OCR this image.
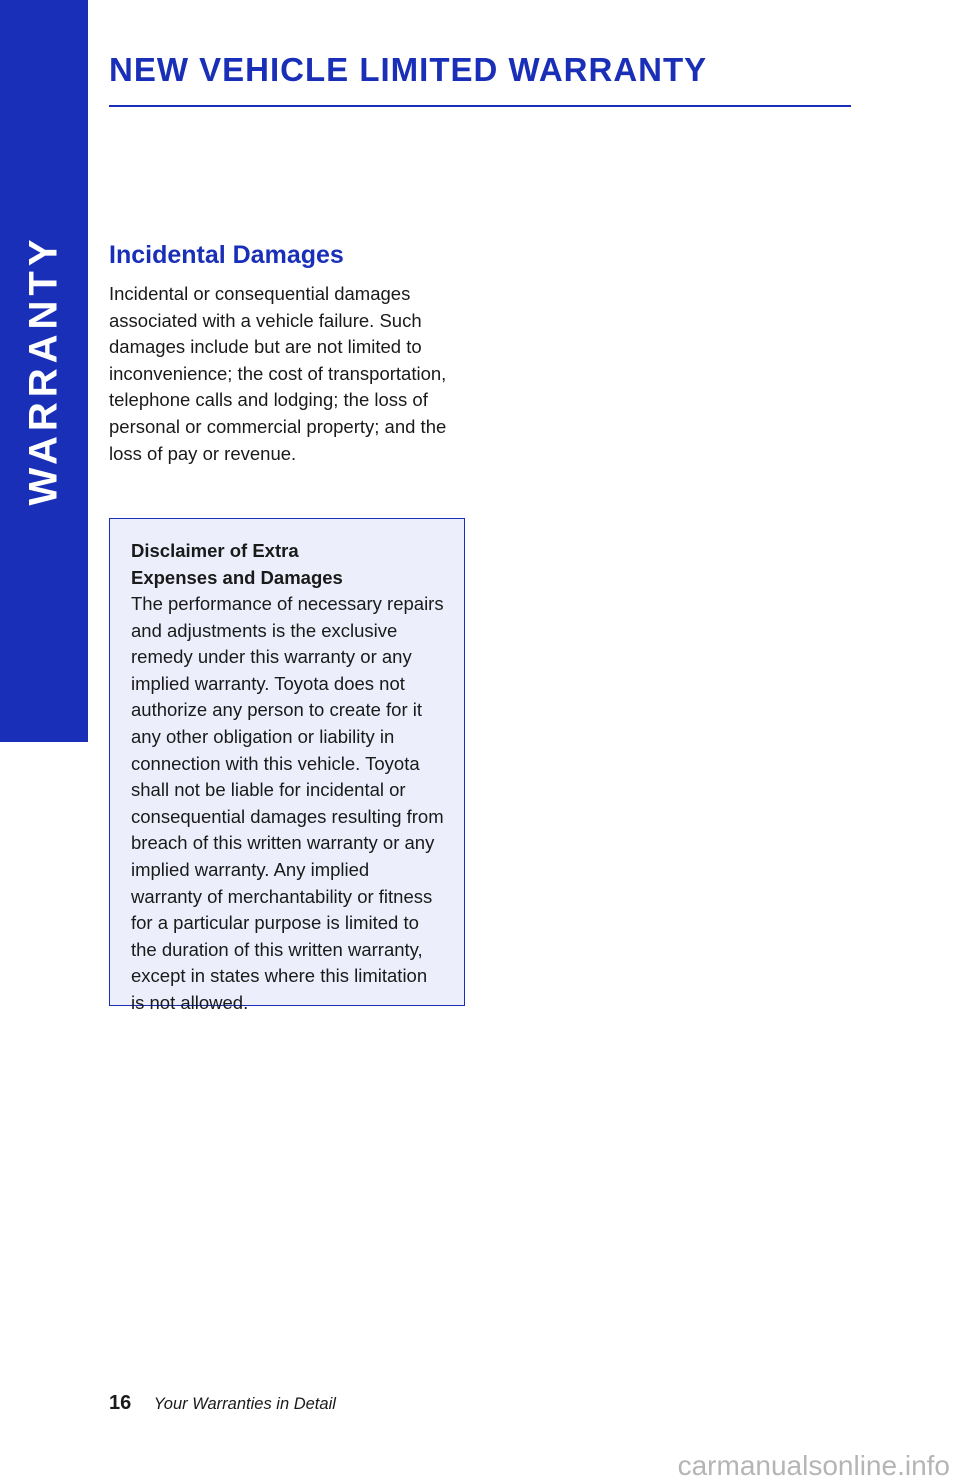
WARRANTY
NEW VEHICLE LIMITED WARRANTY
Incidental Damages

Incidental or consequential damages associated with a vehicle failure. Such damages include but are not limited to inconvenience; the cost of transportation, telephone calls and lodging; the loss of personal or commercial property; and the loss of pay or revenue.

Disclaimer of Extra
Expenses and Damages

The performance of necessary repairs and adjustments is the exclusive remedy under this warranty or any implied warranty. Toyota does not authorize any person to create for it any other obligation or liability in connection with this vehicle. Toyota shall not be liable for incidental or consequential damages resulting from breach of this written warranty or any implied warranty. Any implied warranty of merchantability or fitness for a particular purpose is limited to the duration of this written warranty, except in states where this limitation is not allowed.

16 Your Warranties in Detail
carmanualsonline.info
